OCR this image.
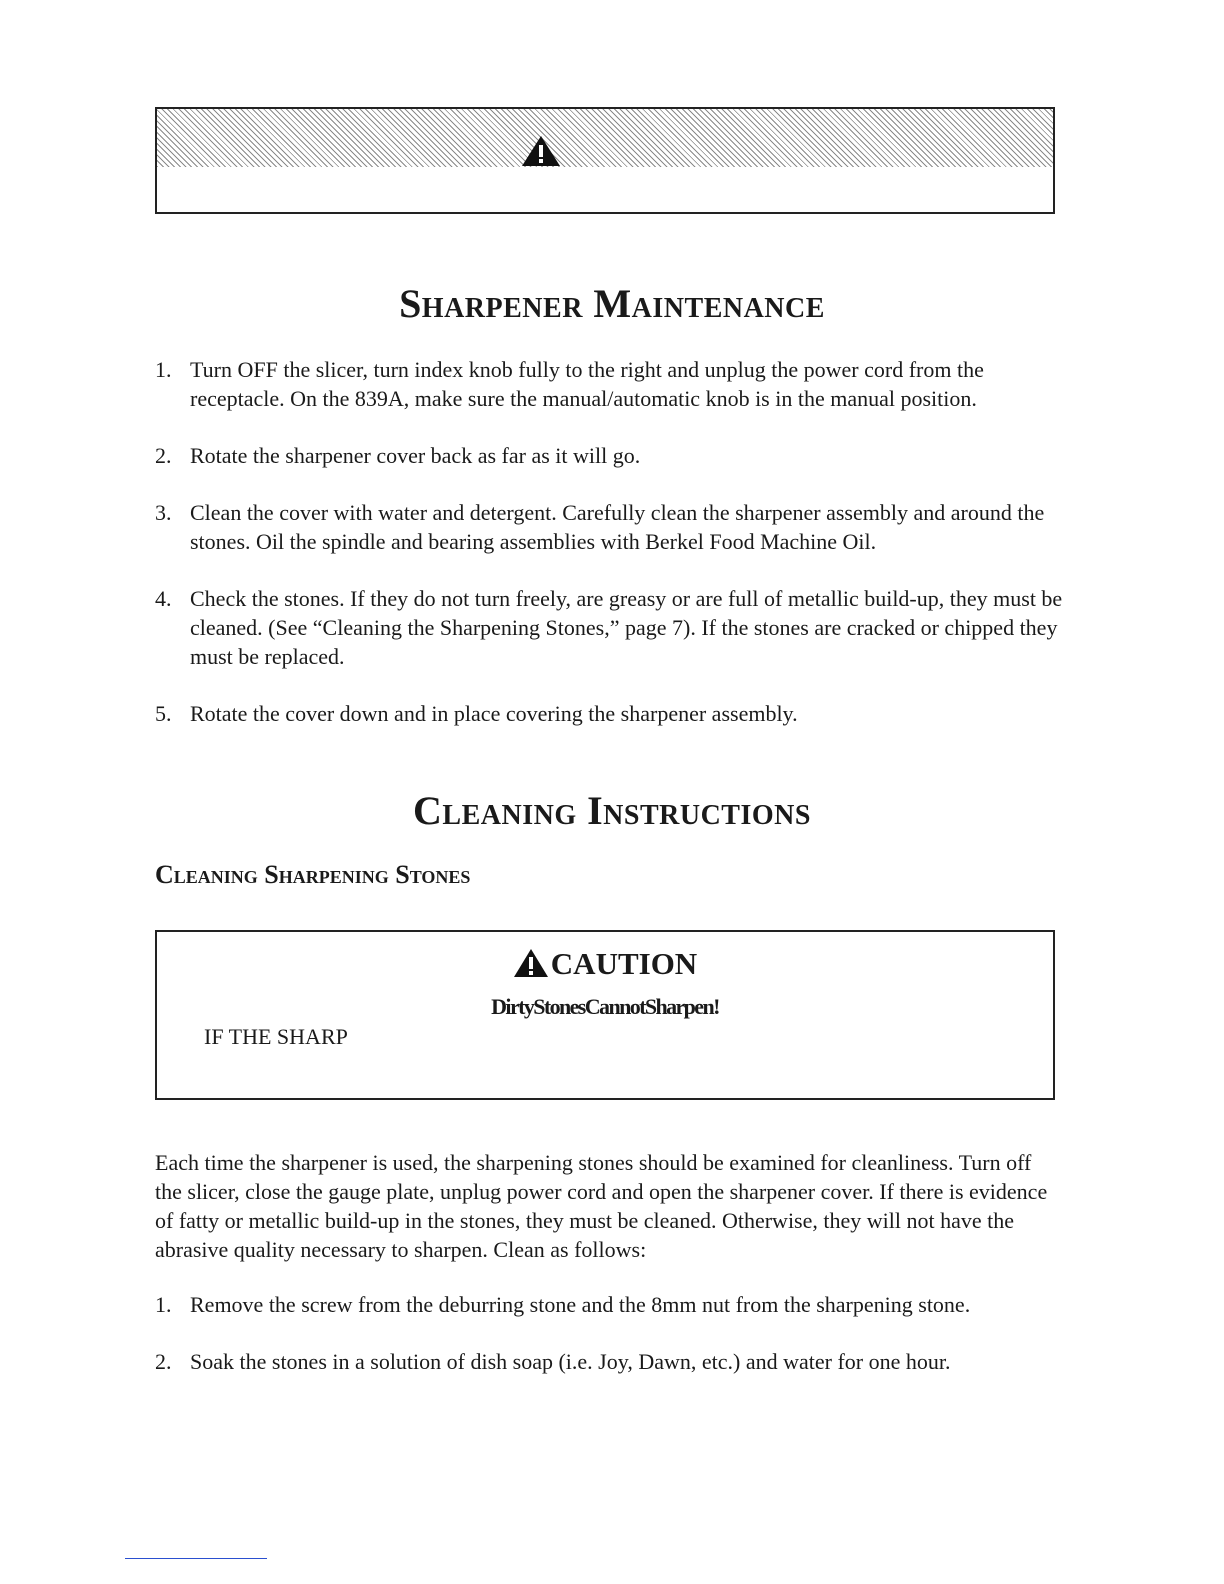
Sharpener Maintenance
1. Turn OFF the slicer, turn index knob fully to the right and unplug the power cord from the receptacle. On the 839A, make sure the manual/automatic knob is in the manual position.
2. Rotate the sharpener cover back as far as it will go.
3. Clean the cover with water and detergent. Carefully clean the sharpener assembly and around the stones. Oil the spindle and bearing assemblies with Berkel Food Machine Oil.
4. Check the stones. If they do not turn freely, are greasy or are full of metallic build-up, they must be cleaned. (See “Cleaning the Sharpening Stones,” page 7). If the stones are cracked or chipped they must be replaced.
5. Rotate the cover down and in place covering the sharpener assembly.
Cleaning Instructions
Cleaning Sharpening Stones
CAUTION
DirtyStonesCannotSharpen!
IF THE SHARP

Each time the sharpener is used, the sharpening stones should be examined for cleanliness. Turn off the slicer, close the gauge plate, unplug power cord and open the sharpener cover. If there is evidence of fatty or metallic build-up in the stones, they must be cleaned. Otherwise, they will not have the abrasive quality necessary to sharpen. Clean as follows:

1. Remove the screw from the deburring stone and the 8mm nut from the sharpening stone.
2. Soak the stones in a solution of dish soap (i.e. Joy, Dawn, etc.) and water for one hour.
